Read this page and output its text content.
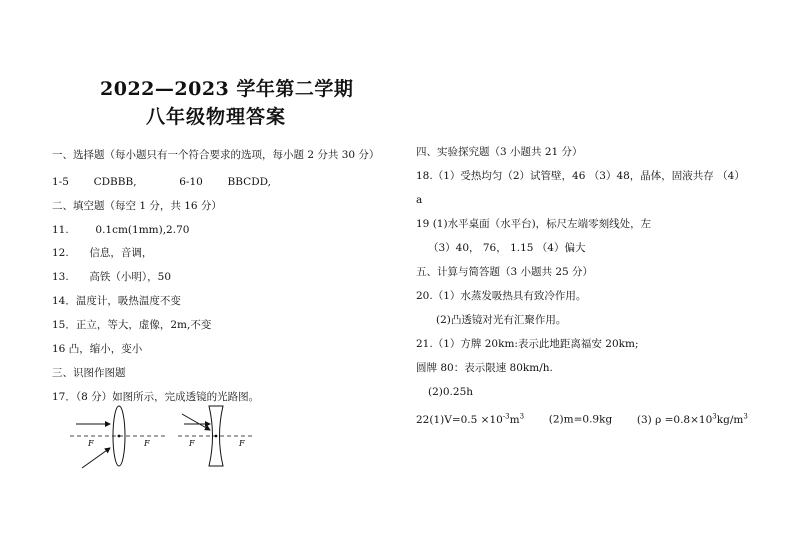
2022—2023 学年第二学期
八年级物理答案
一、选择题（每小题只有一个符合要求的选项，每小题 2 分共 30 分）
1-5 CDBBB,	6-10 BBCDD,
二、填空题（每空 1 分，共 16 分）
11.	0.1cm(1mm),2.70
12. 信息，音调，
13. 高铁（小明），50
14．温度计，吸热温度不变
15．正立，等大，虚像，2m,不变
16 凸，缩小，变小
三、识图作图题
17．（8 分）如图所示，完成透镜的光路图。
F	F	F	F
四、实验探究题（3 小题共 21 分）
18.（1）受热均匀（2）试管壁，46 （3）48，晶体，固液共存 （4）
a
19 (1)水平桌面（水平台)，标尺左端零刻线处，左
（3）40， 76， 1.15 （4）偏大
五、计算与简答题（3 小题共 25 分）
20.（1）水蒸发吸热具有致冷作用。
(2)凸透镜对光有汇聚作用。
21.（1）方牌 20km:表示此地距离福安 20km;
圆牌 80：表示限速 80km/h.
(2)0.25h
$22(1)V=0.5 \times 10^{-3}m^3$ (2)m=0.9kg (3) $\rho =0.8\times 10^3kg/m^3$
